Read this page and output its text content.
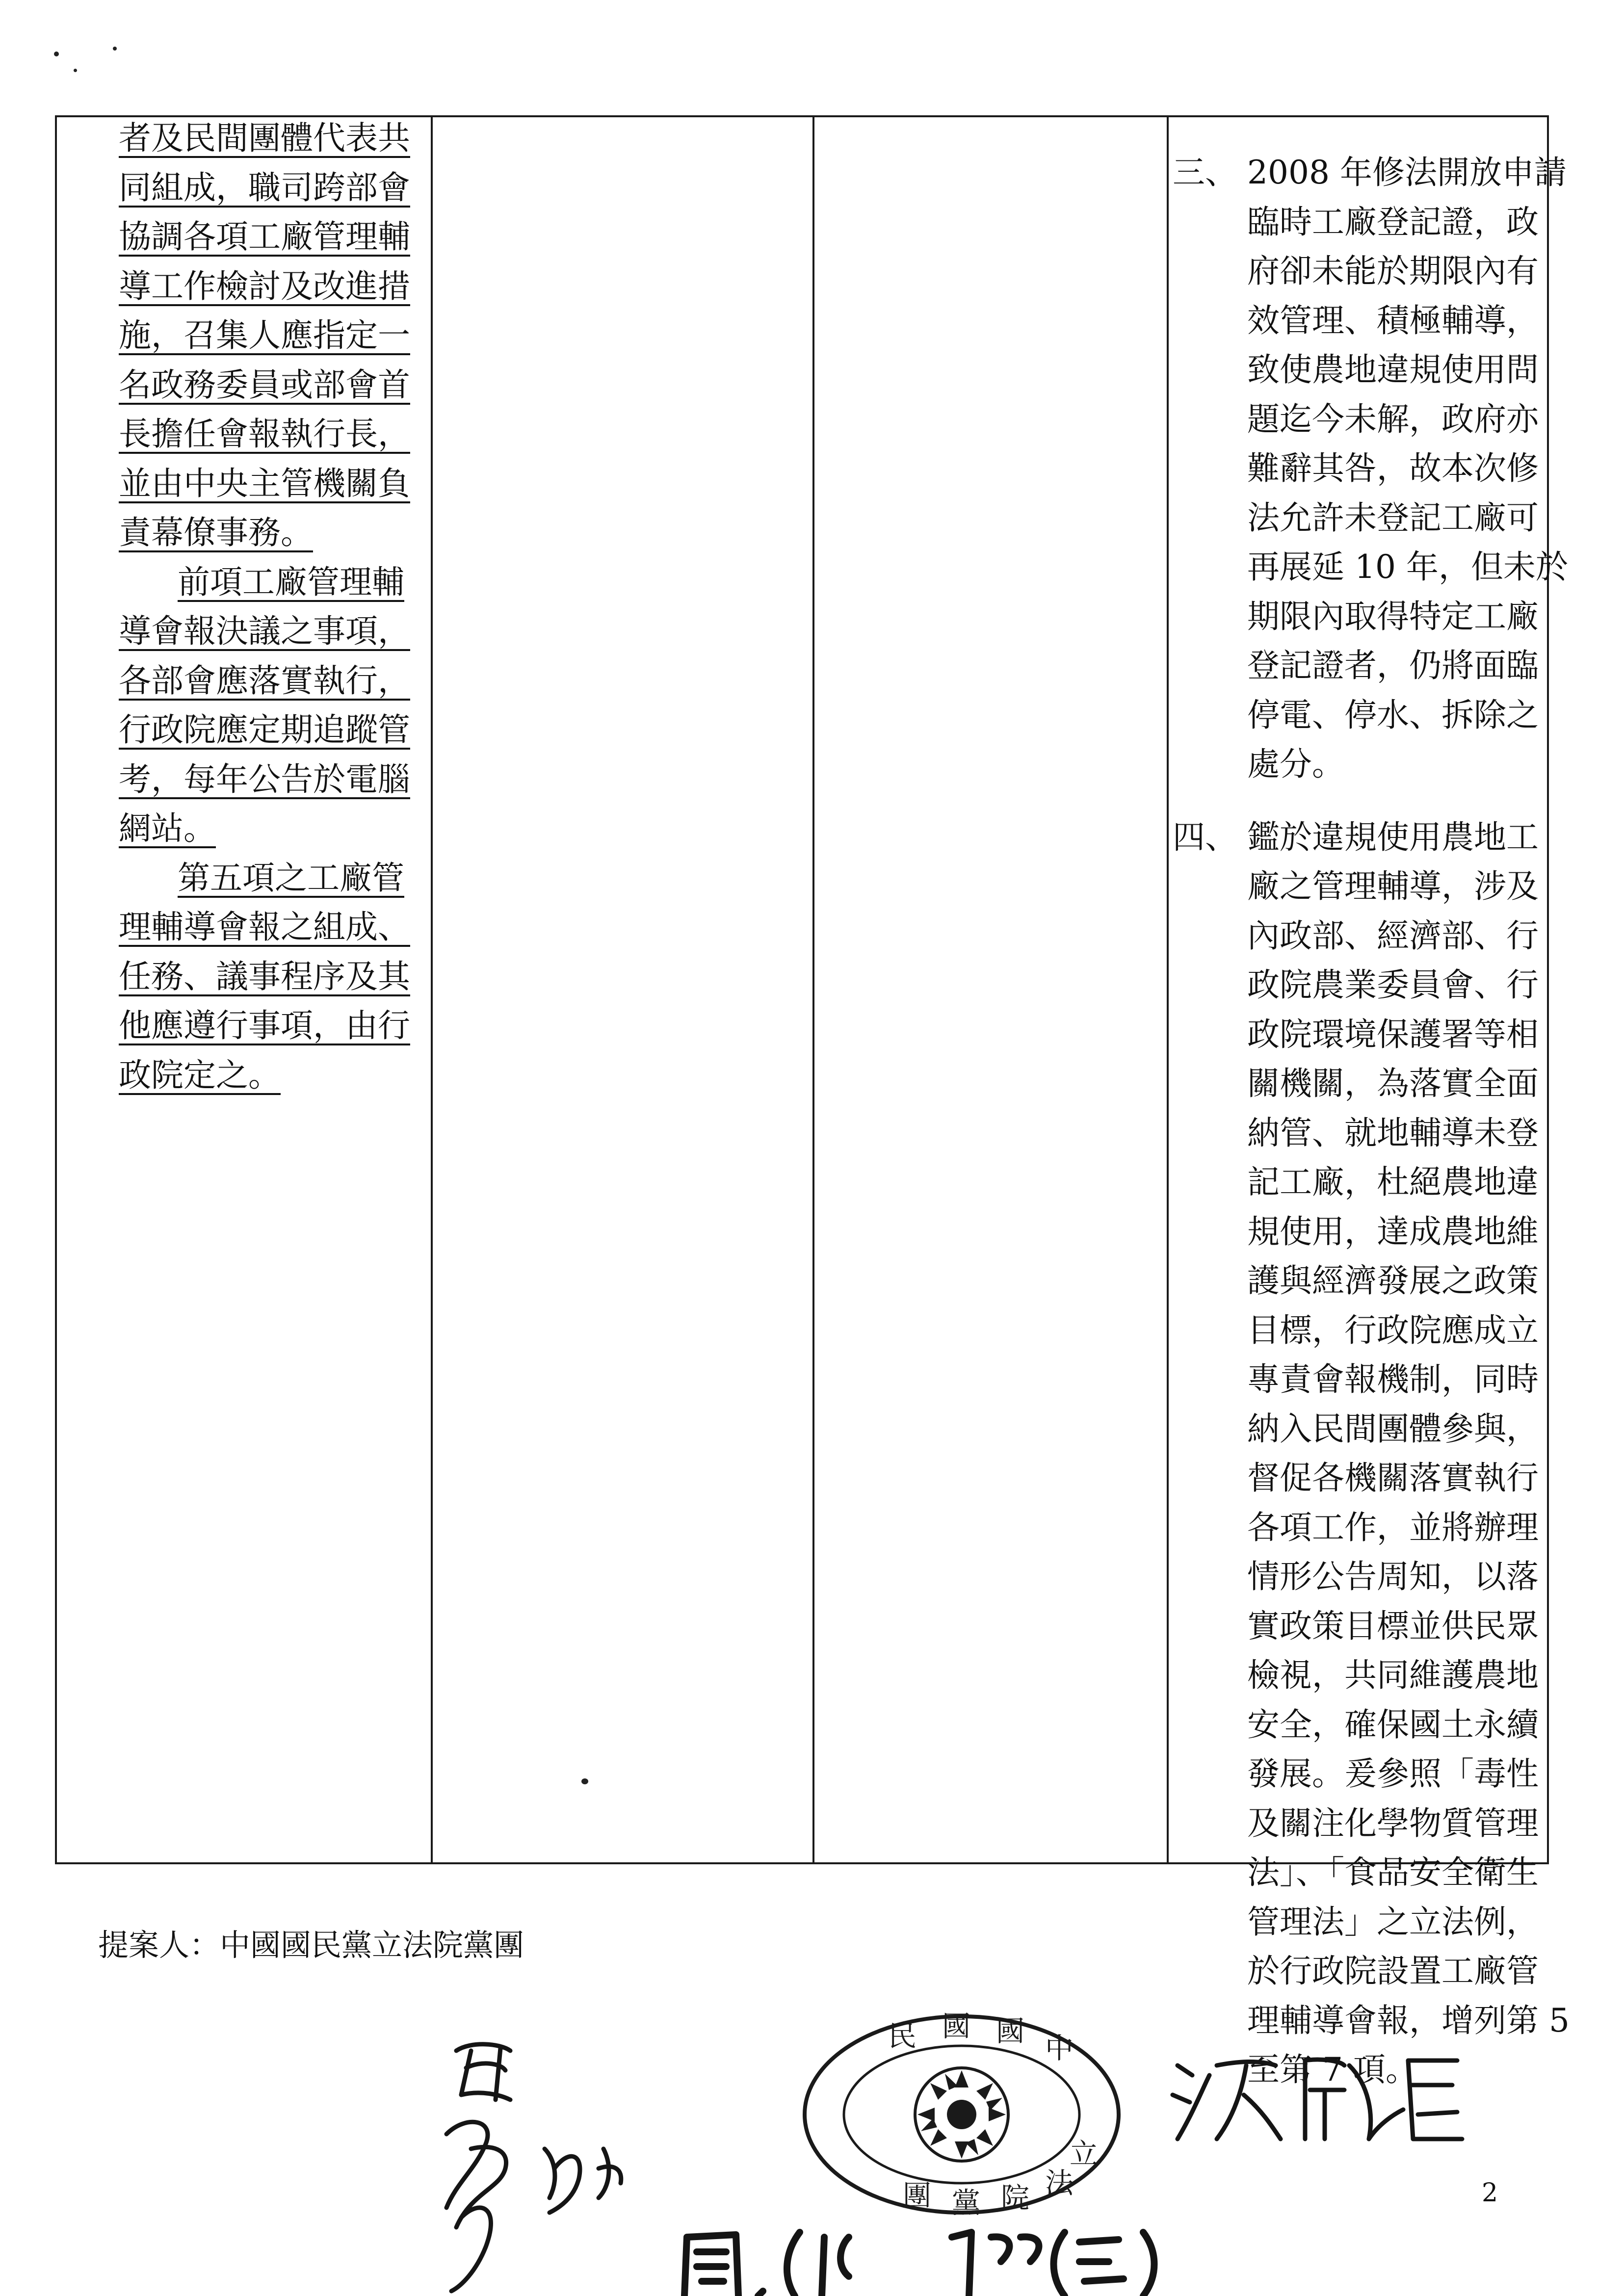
者及民間團體代表共
同組成，職司跨部會
協調各項工廠管理輔
導工作檢討及改進措
施，召集人應指定一
名政務委員或部會首
長擔任會報執行長，
並由中央主管機關負
責幕僚事務。
前項工廠管理輔
導會報決議之事項，
各部會應落實執行，
行政院應定期追蹤管
考，每年公告於電腦
網站。
第五項之工廠管
理輔導會報之組成、
任務、議事程序及其
他應遵行事項，由行
政院定之。
三、 2008 年修法開放申請
臨時工廠登記證，政
府卻未能於期限內有
效管理、積極輔導，
致使農地違規使用問
題迄今未解，政府亦
難辭其咎，故本次修
法允許未登記工廠可
再展延 10 年，但未於
期限內取得特定工廠
登記證者，仍將面臨
停電、停水、拆除之
處分。
四、 鑑於違規使用農地工
廠之管理輔導，涉及
內政部、經濟部、行
政院農業委員會、行
政院環境保護署等相
關機關，為落實全面
納管、就地輔導未登
記工廠，杜絕農地違
規使用，達成農地維
護與經濟發展之政策
目標，行政院應成立
專責會報機制，同時
納入民間團體參與，
督促各機關落實執行
各項工作，並將辦理
情形公告周知，以落
實政策目標並供民眾
檢視，共同維護農地
安全，確保國土永續
發展。爰參照「毒性
及關注化學物質管理
法」、「食品安全衛生
管理法」之立法例，
於行政院設置工廠管
理輔導會報，增列第 5
至第 7 項。
提案人：中國國民黨立法院黨團
民 國 國
中
團 黨 院 法
立
2
